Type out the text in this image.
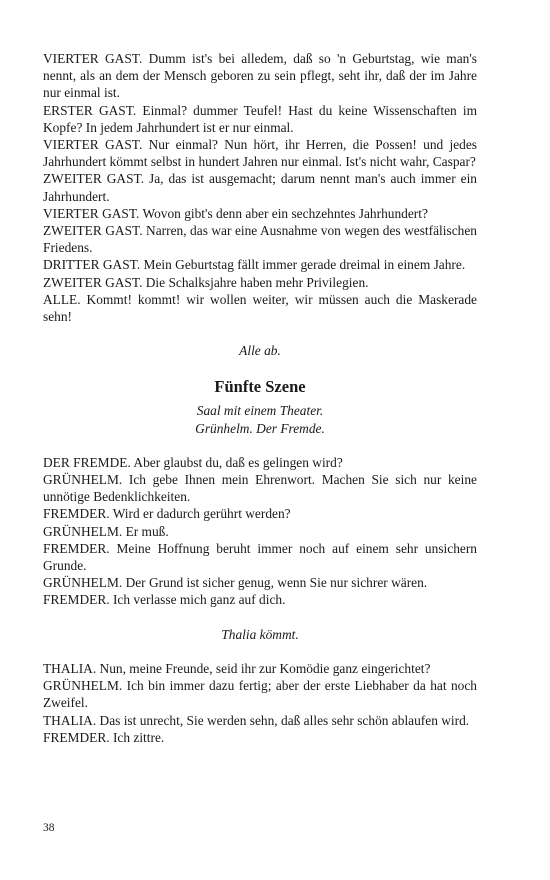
VIERTER GAST. Dumm ist's bei alledem, daß so 'n Geburtstag, wie man's nennt, als an dem der Mensch geboren zu sein pflegt, seht ihr, daß der im Jahre nur einmal ist.

ERSTER GAST. Einmal? dummer Teufel! Hast du keine Wissenschaften im Kopfe? In jedem Jahrhundert ist er nur einmal.

VIERTER GAST. Nur einmal? Nun hört, ihr Herren, die Possen! und jedes Jahrhundert kömmt selbst in hundert Jahren nur einmal. Ist's nicht wahr, Caspar?

ZWEITER GAST. Ja, das ist ausgemacht; darum nennt man's auch immer ein Jahrhundert.

VIERTER GAST. Wovon gibt's denn aber ein sechzehntes Jahrhundert?

ZWEITER GAST. Narren, das war eine Ausnahme von wegen des westfälischen Friedens.

DRITTER GAST. Mein Geburtstag fällt immer gerade dreimal in einem Jahre.

ZWEITER GAST. Die Schalksjahre haben mehr Privilegien.

ALLE. Kommt! kommt! wir wollen weiter, wir müssen auch die Maskerade sehn!

Alle ab.

Fünfte Szene

Saal mit einem Theater.

Grünhelm. Der Fremde.

DER FREMDE. Aber glaubst du, daß es gelingen wird?

GRÜNHELM. Ich gebe Ihnen mein Ehrenwort. Machen Sie sich nur keine unnötige Bedenklichkeiten.

FREMDER. Wird er dadurch gerührt werden?

GRÜNHELM. Er muß.

FREMDER. Meine Hoffnung beruht immer noch auf einem sehr unsichern Grunde.

GRÜNHELM. Der Grund ist sicher genug, wenn Sie nur sichrer wären.

FREMDER. Ich verlasse mich ganz auf dich.

Thalia kömmt.

THALIA. Nun, meine Freunde, seid ihr zur Komödie ganz eingerichtet?

GRÜNHELM. Ich bin immer dazu fertig; aber der erste Liebhaber da hat noch Zweifel.

THALIA. Das ist unrecht, Sie werden sehn, daß alles sehr schön ablaufen wird.

FREMDER. Ich zittre.

38
